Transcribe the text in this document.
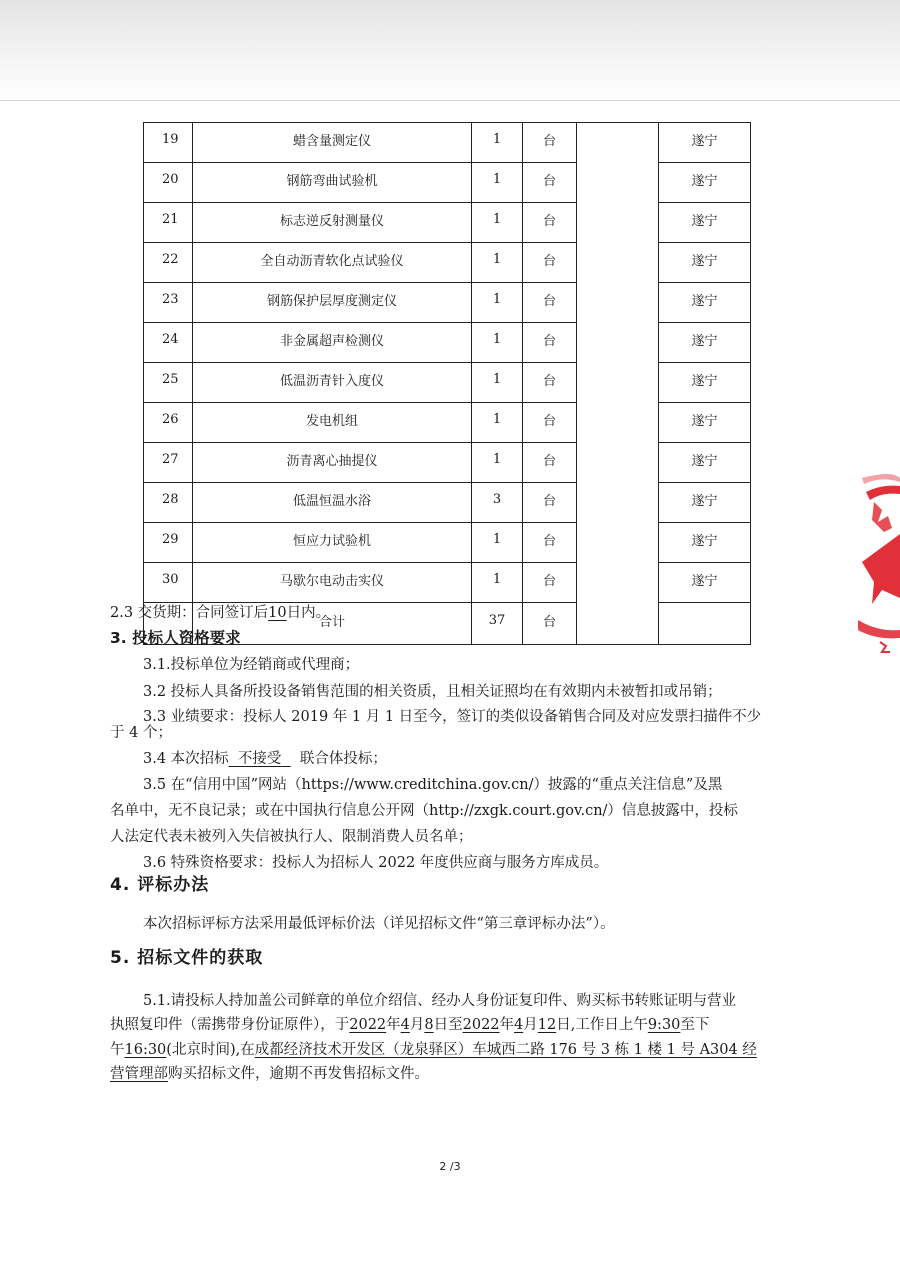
19	蜡含量测定仪	1	台		遂宁
20	钢筋弯曲试验机	1	台		遂宁
21	标志逆反射测量仪	1	台		遂宁
22	全自动沥青软化点试验仪	1	台		遂宁
23	钢筋保护层厚度测定仪	1	台		遂宁
24	非金属超声检测仪	1	台		遂宁
25	低温沥青针入度仪	1	台		遂宁
26	发电机组	1	台		遂宁
27	沥青离心抽提仪	1	台		遂宁
28	低温恒温水浴	3	台		遂宁
29	恒应力试验机	1	台		遂宁
30	马歇尔电动击实仪	1	台		遂宁
	合计	37	台		
2.3 交货期：合同签订后10日内。
3. 投标人资格要求
3.1.投标单位为经销商或代理商；
3.2 投标人具备所投设备销售范围的相关资质，且相关证照均在有效期内未被暂扣或吊销；
3.3 业绩要求：投标人 2019 年 1 月 1 日至今，签订的类似设备销售合同及对应发票扫描件不少
于 4 个；
3.4 本次招标 不接受 联合体投标；
3.5 在“信用中国”网站（https://www.creditchina.gov.cn/）披露的“重点关注信息”及黑
名单中，无不良记录；或在中国执行信息公开网（http://zxgk.court.gov.cn/）信息披露中，投标
人法定代表未被列入失信被执行人、限制消费人员名单；
3.6 特殊资格要求：投标人为招标人 2022 年度供应商与服务方库成员。
4. 评标办法
本次招标评标方法采用最低评标价法（详见招标文件“第三章评标办法”）。
5. 招标文件的获取
5.1.请投标人持加盖公司鲜章的单位介绍信、经办人身份证复印件、购买标书转账证明与营业
执照复印件（需携带身份证原件），于2022年4月8日至2022年4月12日,工作日上午9:30至下
午16:30(北京时间),在成都经济技术开发区（龙泉驿区）车城西二路 176 号 3 栋 1 楼 1 号 A304 经
营管理部购买招标文件，逾期不再发售招标文件。
2 /3
